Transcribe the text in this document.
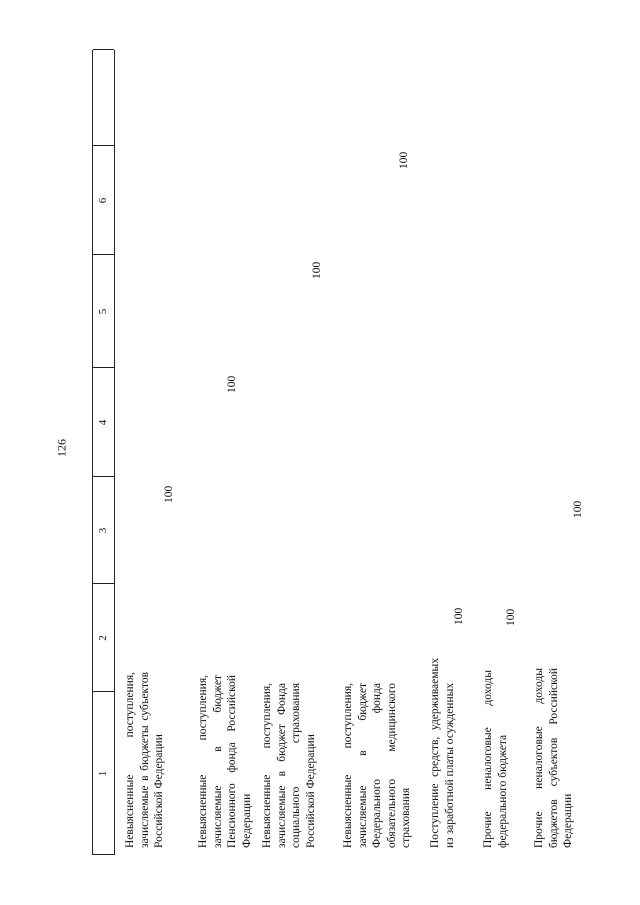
126
1
2
3
4
5
6
Невыясненные поступления, зачисляемые в бюджеты субъектов Российской Федерации
100
Невыясненные поступления, зачисляемые в бюджет Пенсионного фонда Российской Федерации
100
Невыясненные поступления, зачисляемые в бюджет Фонда социального страхования Российской Федерации
100
Невыясненные поступления, зачисляемые в бюджет Федерального фонда обязательного медицинского страхования
100
Поступление средств, удерживаемых из заработной платы осужденных
100
Прочие неналоговые доходы федерального бюджета
100
Прочие неналоговые доходы бюджетов субъектов Российской Федерации
100
